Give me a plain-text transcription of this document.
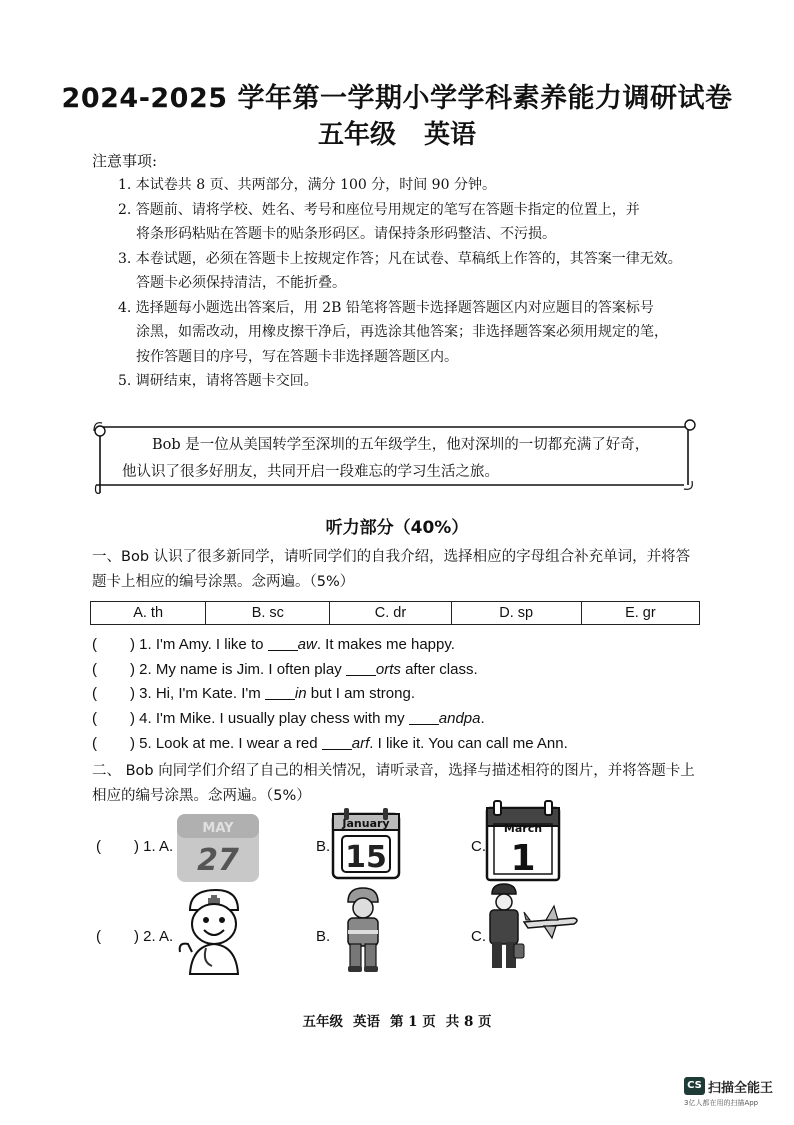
2024-2025 学年第一学期小学学科素养能力调研试卷
五年级 英语
注意事项:
1. 本试卷共 8 页、共两部分，满分 100 分，时间 90 分钟。
2. 答题前、请将学校、姓名、考号和座位号用规定的笔写在答题卡指定的位置上，并
将条形码粘贴在答题卡的贴条形码区。请保持条形码整洁、不污损。
3. 本卷试题，必须在答题卡上按规定作答；凡在试卷、草稿纸上作答的，其答案一律无效。
答题卡必须保持清洁，不能折叠。
4. 选择题每小题选出答案后，用 2B 铅笔将答题卡选择题答题区内对应题目的答案标号
涂黑，如需改动，用橡皮擦干净后，再选涂其他答案；非选择题答案必须用规定的笔，
按作答题目的序号，写在答题卡非选择题答题区内。
5. 调研结束，请将答题卡交回。
Bob 是一位从美国转学至深圳的五年级学生，他对深圳的一切都充满了好奇，
他认识了很多好朋友，共同开启一段难忘的学习生活之旅。
听力部分（40%）
一、Bob 认识了很多新同学，请听同学们的自我介绍，选择相应的字母组合补充单词，并将答
题卡上相应的编号涂黑。念两遍。（5%）
A. th	B. sc	C. dr	D. sp	E. gr
( ) 1. I'm Amy. I like to aw. It makes me happy.
( ) 2. My name is Jim. I often play orts after class.
( ) 3. Hi, I'm Kate. I'm in but I am strong.
( ) 4. I'm Mike. I usually play chess with my andpa.
( ) 5. Look at me. I wear a red arf. I like it. You can call me Ann.
二、 Bob 向同学们介绍了自己的相关情况，请听录音，选择与描述相符的图片，并将答题卡上
相应的编号涂黑。念两遍。（5%）
( ) 1. A.
MAY
27	B.
January
15	C.
March
1
( ) 2. A.	B.	C.
五年级 英语 第 1 页 共 8 页
CS 扫描全能王
3亿人都在用的扫描App
